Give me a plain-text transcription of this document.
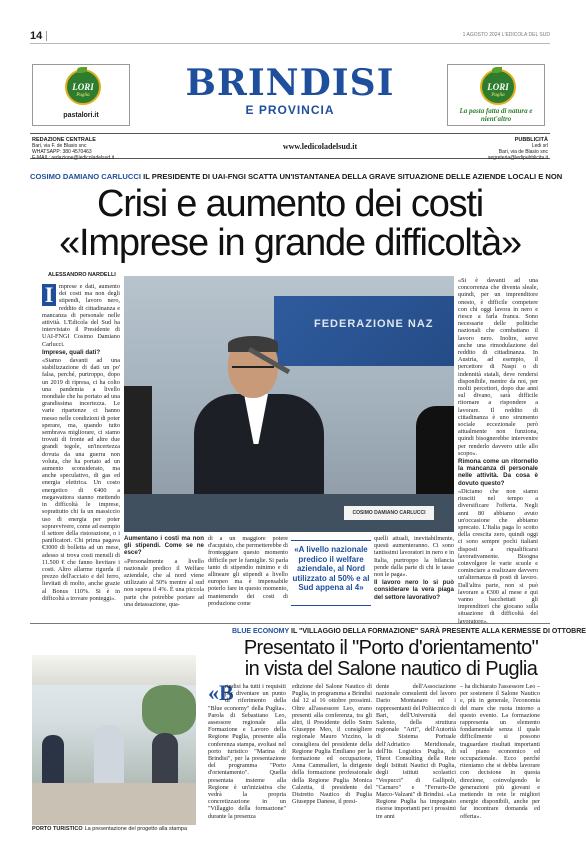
14	1 AGOSTO 2024 L'EDICOLA DEL SUD
LORI
Puglia
pastalori.it
BRINDISI
E PROVINCIA
LORI
Puglia
La pasta fatta di natura e nient'altro
REDAZIONE CENTRALE
Bari, via F. de Blasio snc
WHATSAPP: 380 4570463
E-MAIL: redazione@ledicoladelsud.it
www.ledicoladelsud.it
PUBBLICITÀ
Ledi srl
Bari, via de Blasio snc
segreteria@ledipubblicita.it
COSIMO DAMIANO CARLUCCI IL PRESIDENTE DI UAI-FNGI SCATTA UN'ISTANTANEA DELLA GRAVE SITUAZIONE DELLE AZIENDE LOCALI E NON
Crisi e aumento dei costi
«Imprese in grande difficoltà»
ALESSANDRO NARDELLI
I mprese e dati, aumento dei costi ma non degli stipendi, lavoro nero, reddito di cittadinanza e mancanza di personale nelle attività. L'Edicola del Sud ha intervistato il Presidente di UAI-FNGI Cosimo Damiano Carlucci.

Imprese, quali dati?

«Siamo davanti ad una stabilizzazione di dati un po' falsa, perché, purtroppo, dopo un 2019 di ripresa, ci ha colto una pandemia a livello mondiale che ha portato ad una grandissima incertezza. Le varie ripartenze ci hanno messo nelle condizioni di poter sperare, ma, quando tutto sembrava migliorare, ci siamo trovati di fronte ad altre due grandi tegole, un'incertezza dovuta da una guerra non voluta, che ha portato ad un aumento sconsiderato, ma anche speculativo, di gas ed energia elettrica. Un costo energetico di €400 a megawattora stanno mettendo in difficoltà le imprese, soprattutto chi fa un massiccio uso di energia per poter sopravvivere, come ad esempio il settore della ristorazione, o i panificatori. Chi prima pagava €3000 di bolletta ad un mese, adesso si trova costi mensili di 11.500 € che fanno lievitare i costi. Altro allarme rigurda il prezzo dell'acciaio e del ferro, lievitati di molto, anche grazie al Bonus 110%. Si è in difficoltà a trovare ponteggi».

FEDERAZIONE NAZ
COSIMO DAMIANO CARLUCCI

Aumentano i costi ma non gli stipendi. Come se ne esce?

«Personalmente a livello nazionale predico il Welfare aziendale, che al nord viene utilizzato al 50% mentre al sud non supera il 4%. È una piccola parte che potrebbe portare ad una detassazione, qua-

di a un maggiore potere d'acquisto, che permetterebbe di fronteggiare questo momento difficile per le famiglie. Si parla tanto di stipendio minimo e di allineare gli stipendi a livello europeo ma è impensabile poterlo fare in questo momento, mantenendo dei costi di produzione come

«A livello nazionale predico il welfare aziendale, al Nord utilizzato al 50% e al Sud appena al 4»

quelli attuali, inevitabilmente, questi aumenteranno. Ci sono tantissimi lavoratori in nero e in Italia, purtroppo la bilancia pende dalla parte di chi le tasse non le paga».

Il lavoro nero lo si può considerare la vera piaga del settore lavorativo?

«Si è davanti ad una concorrenza che diventa sleale, quindi, per un imprenditore onesto, è difficile competere con chi oggi lavora in nero e riesce a farla franca. Sono necessarie delle politiche nazionali che combattano il lavoro nero. Inoltre, serve anche una rimodulazione del reddito di cittadinanza. In Austria, ad esempio, il percettore di Naspi o di indennità statali, deve rendersi disponibile, mentre da noi, per molti percettori, dopo due anni sul divano, sarà difficile ritornare a rispondere a lavorare. Il reddito di cittadinanza è uno strumento sociale eccezionale però attualmente non funziona, quindi bisognerebbe intervenire per renderlo davvero utile allo scopo».

Rimona come un ritornello la mancanza di personale nelle attività. Da cosa è dovuto questo?

«Diciamo che non siamo riusciti nel tempo a diversificare l'offerta. Negli anni 80 abbiamo avuto un'occasione che abbiamo sprecato. L'Italia paga lo scotto della crescita zero, quindi oggi ci sono sempre pochi italiani disposti a riqualificarsi lavorativamente. Bisogna coinvolgere le varie scuole e cominciare a realizzare davvero un'alternanza di posti di lavoro. Dall'altra parte, non si può lavorare a €300 al mese e qui vanno bacchettati gli imprenditori che giocano sulla situazione di difficoltà del lavoratore».

BLUE ECONOMY IL "VILLAGGIO DELLA FORMAZIONE" SARÀ PRESENTE ALLA KERMESSE DI OTTOBRE
Presentato il "Porto d'orientamento"
in vista del Salone nautico di Puglia
PORTO TURISTICO La presentazione del progetto alla stampa
«B
rindisi ha tutti i requisiti per diventare un punto di riferimento della "Blue economy" della Puglia». Parola di Sebastiano Leo, assessore regionale alla Formazione e Lavoro della Regione Puglia, presente alla conferenza stampa, svoltasi nel porto turistico "Marina di Brindisi", per la presentazione del programma "Porto d'orientamento". Quella presentata insieme alla Regione è un'iniziativa che vedrà la propria concretizzazione in un "Villaggio della formazione" durante la presenza

edizione del Salone Nautico di Puglia, in programma a Brindisi dal 12 al 16 ottobre prossimi. Oltre all'assessore Leo, erano presenti alla conferenza, tra gli altri, il Presidente dello Snim Giuseppe Meo, il consigliere regionale Mauro Vizzino, la consigliera del presidente della Regione Puglia Emiliano per la formazione ed occupazione, Anna Cammalleri, la dirigente della formazione professionale della Regione Puglia Monica Calzetta, il presidente del Distretto Nautico di Puglia Giuseppe Danese, il presi-

dente dell'Associazione nazionale consulenti del lavoro Dario Montanaro ed i rappresentanti del Politecnico di Bari, dell'Università del Salento, della struttura regionale "Arti", dell'Autorità di Sistema Portuale dell'Adriatico Meridionale, dell'Its Logistics Puglia, di Theot Consulting della Rete degli Istituti Nautici di Puglia, degli istituti scolastici "Vespucci" di Gallipoli, "Carnaro" e "Ferraris-De Marco-Valzani" di Brindisi. «La Regione Puglia ha impegnato risorse importanti per i prossimi tre anni

– ha dichiarato l'assessore Leo – per sostenere il Salone Nautico e, più in generale, l'economia del mare che ruota intorno a questo evento. La formazione rappresenta un elemento fondamentale senza il quale difficilmente si possono traguardare risultati importanti sul piano economico ed occupazionale. Ecco perché riteniamo che si debba lavorare con decisione in questa direzione, coinvolgendo le generazioni più giovani e mettendo in rete le migliori energie disponibili, anche per far incontrare domanda ed offerta».
